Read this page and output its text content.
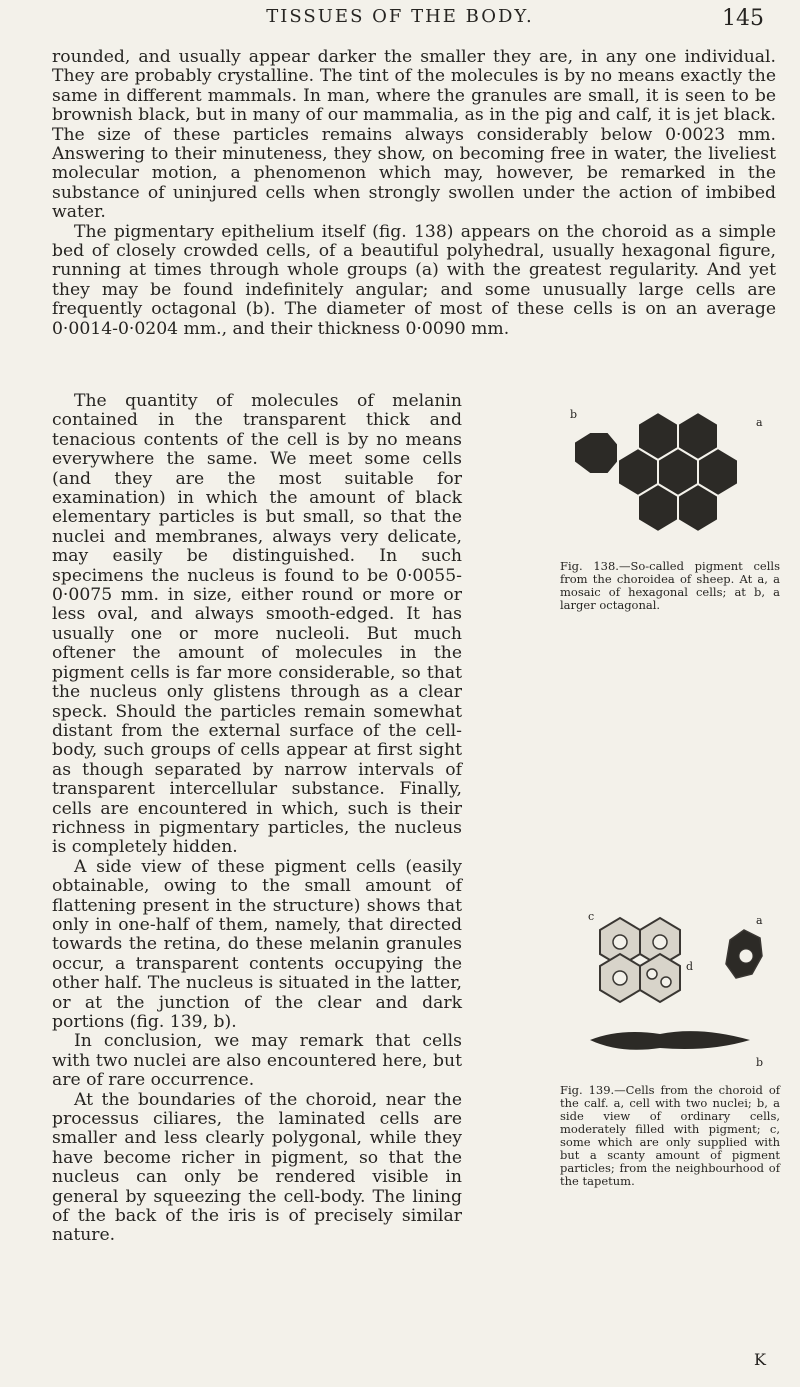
TISSUES OF THE BODY.	145

rounded, and usually appear darker the smaller they are, in any one individual. They are probably crystalline. The tint of the molecules is by no means exactly the same in different mammals. In man, where the granules are small, it is seen to be brownish black, but in many of our mammalia, as in the pig and calf, it is jet black. The size of these particles remains always considerably below 0·0023 mm. Answering to their minuteness, they show, on becoming free in water, the liveliest molecular motion, a phenomenon which may, however, be remarked in the substance of uninjured cells when strongly swollen under the action of imbibed water.

The pigmentary epithelium itself (fig. 138) appears on the choroid as a simple bed of closely crowded cells, of a beautiful polyhedral, usually hexagonal figure, running at times through whole groups (a) with the greatest regularity. And yet they may be found indefinitely angular; and some unusually large cells are frequently octagonal (b). The diameter of most of these cells is on an average 0·0014-0·0204 mm., and their thickness 0·0090 mm.

The quantity of molecules of melanin contained in the transparent thick and tenacious contents of the cell is by no means everywhere the same. We meet some cells (and they are the most suitable for examination) in which the amount of black elementary particles is but small, so that the nuclei and membranes, always very delicate, may easily be distinguished. In such specimens the nucleus is found to be 0·0055-0·0075 mm. in size, either round or more or less oval, and always smooth-edged. It has usually one or more nucleoli. But much oftener the amount of molecules in the pigment cells is far more considerable, so that the nucleus only glistens through as a clear speck. Should the particles remain somewhat distant from the external surface of the cell-body, such groups of cells appear at first sight as though separated by narrow intervals of transparent intercellular substance. Finally, cells are encountered in which, such is their richness in pigmentary particles, the nucleus is completely hidden.

A side view of these pigment cells (easily obtainable, owing to the small amount of flattening present in the structure) shows that only in one-half of them, namely, that directed towards the retina, do these melanin granules occur, a transparent contents occupying the other half. The nucleus is situated in the latter, or at the junction of the clear and dark portions (fig. 139, b).

In conclusion, we may remark that cells with two nuclei are also encountered here, but are of rare occurrence.

At the boundaries of the choroid, near the processus ciliares, the laminated cells are smaller and less clearly polygonal, while they have become richer in pigment, so that the nucleus can only be rendered visible in general by squeezing the cell-body. The lining of the back of the iris is of precisely similar nature.

b
a
Fig. 138.—So-called pigment cells from the choroidea of sheep. At a, a mosaic of hexagonal cells; at b, a larger octagonal.
c
d
a
b
Fig. 139.—Cells from the choroid of the calf. a, cell with two nuclei; b, a side view of ordinary cells, moderately filled with pigment; c, some which are only supplied with but a scanty amount of pigment particles; from the neighbourhood of the tapetum.
K
